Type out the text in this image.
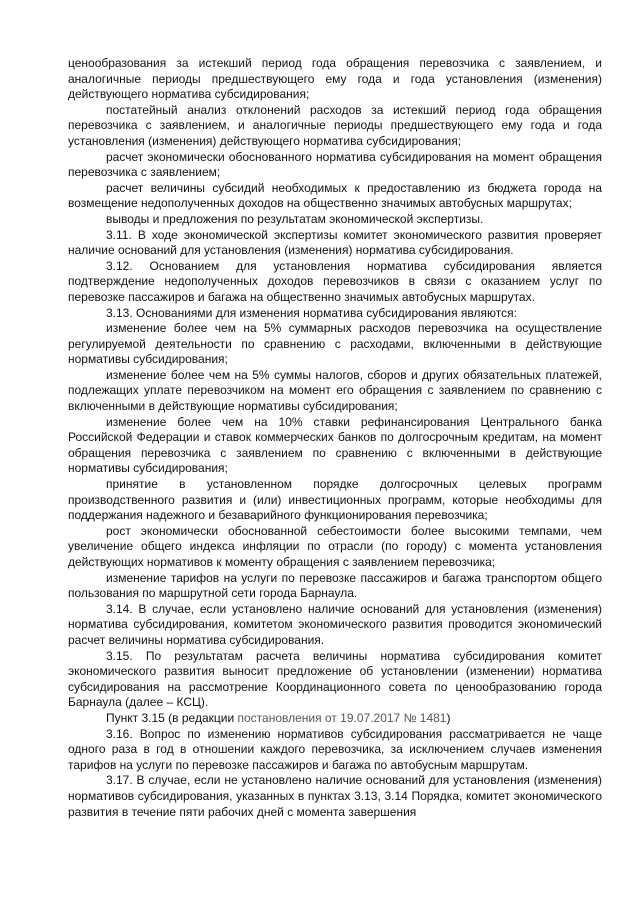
ценообразования за истекший период года обращения перевозчика с заявлением, и аналогичные периоды предшествующего ему года и года установления (изменения) действующего норматива субсидирования;

постатейный анализ отклонений расходов за истекший период года обращения перевозчика с заявлением, и аналогичные периоды предшествующего ему года и года установления (изменения) действующего норматива субсидирования;

расчет экономически обоснованного норматива субсидирования на момент обращения перевозчика с заявлением;

расчет величины субсидий необходимых к предоставлению из бюджета города на возмещение недополученных доходов на общественно значимых автобусных маршрутах;

выводы и предложения по результатам экономической экспертизы.

3.11. В ходе экономической экспертизы комитет экономического развития проверяет наличие оснований для установления (изменения) норматива субсидирования.

3.12. Основанием для установления норматива субсидирования является подтверждение недополученных доходов перевозчиков в связи с оказанием услуг по перевозке пассажиров и багажа на общественно значимых автобусных маршрутах.

3.13. Основаниями для изменения норматива субсидирования являются:

изменение более чем на 5% суммарных расходов перевозчика на осуществление регулируемой деятельности по сравнению с расходами, включенными в действующие нормативы субсидирования;

изменение более чем на 5% суммы налогов, сборов и других обязательных платежей, подлежащих уплате перевозчиком на момент его обращения с заявлением по сравнению с включенными в действующие нормативы субсидирования;

изменение более чем на 10% ставки рефинансирования Центрального банка Российской Федерации и ставок коммерческих банков по долгосрочным кредитам, на момент обращения перевозчика с заявлением по сравнению с включенными в действующие нормативы субсидирования;

принятие в установленном порядке долгосрочных целевых программ производственного развития и (или) инвестиционных программ, которые необходимы для поддержания надежного и безаварийного функционирования перевозчика;

рост экономически обоснованной себестоимости более высокими темпами, чем увеличение общего индекса инфляции по отрасли (по городу) с момента установления действующих нормативов к моменту обращения с заявлением перевозчика;

изменение тарифов на услуги по перевозке пассажиров и багажа транспортом общего пользования по маршрутной сети города Барнаула.

3.14. В случае, если установлено наличие оснований для установления (изменения) норматива субсидирования, комитетом экономического развития проводится экономический расчет величины норматива субсидирования.

3.15. По результатам расчета величины норматива субсидирования комитет экономического развития выносит предложение об установлении (изменении) норматива субсидирования на рассмотрение Координационного совета по ценообразованию города Барнаула (далее – КСЦ).

Пункт 3.15 (в редакции постановления от 19.07.2017 № 1481)

3.16. Вопрос по изменению нормативов субсидирования рассматривается не чаще одного раза в год в отношении каждого перевозчика, за исключением случаев изменения тарифов на услуги по перевозке пассажиров и багажа по автобусным маршрутам.

3.17. В случае, если не установлено наличие оснований для установления (изменения) нормативов субсидирования, указанных в пунктах 3.13, 3.14 Порядка, комитет экономического развития в течение пяти рабочих дней с момента завершения
